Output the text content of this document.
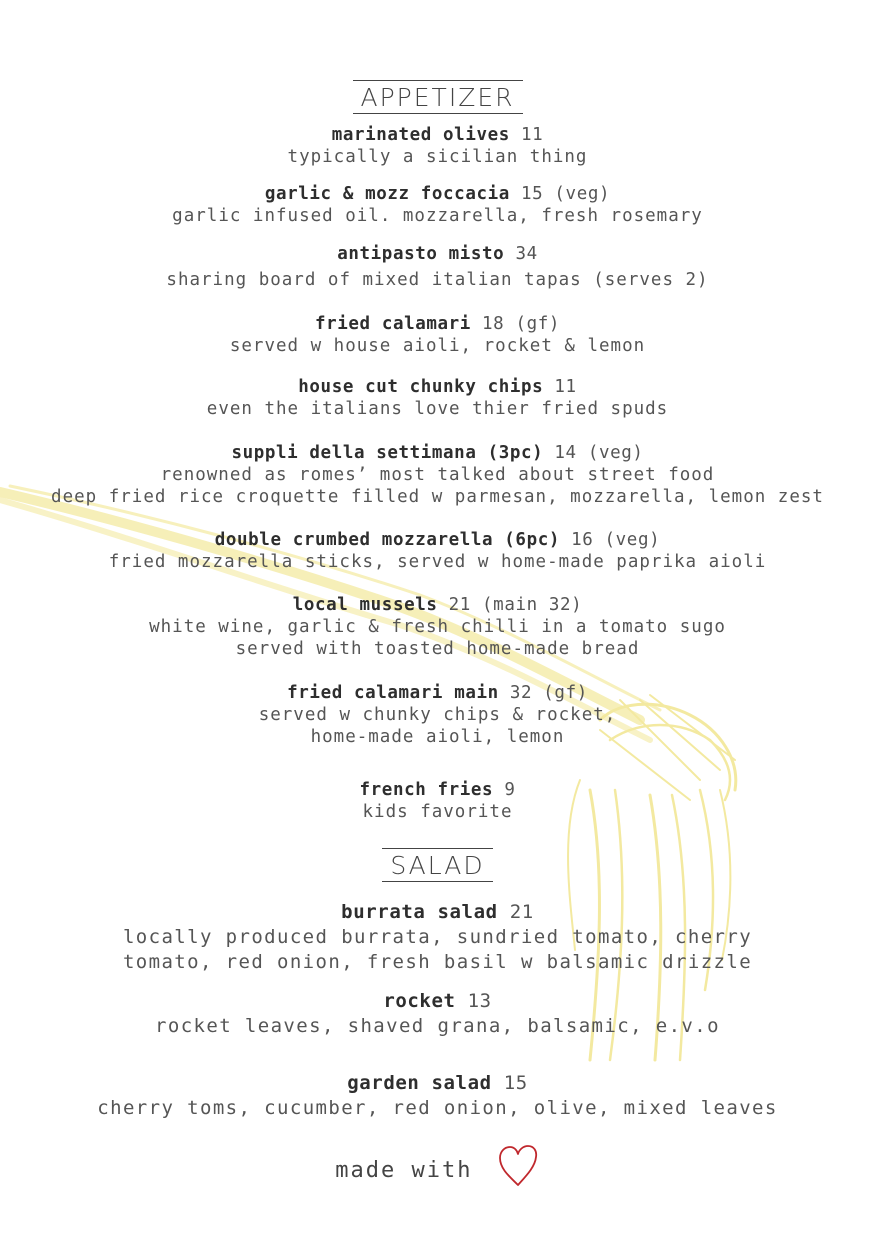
APPETIZER
marinated olives 11
typically a sicilian thing
garlic & mozz foccacia 15 (veg)
garlic infused oil. mozzarella, fresh rosemary
antipasto misto 34
sharing board of mixed italian tapas (serves 2)
fried calamari 18 (gf)
served w house aioli, rocket & lemon
house cut chunky chips 11
even the italians love thier fried spuds
suppli della settimana (3pc) 14 (veg)
renowned as romes’ most talked about street food
deep fried rice croquette filled w parmesan, mozzarella, lemon zest
double crumbed mozzarella (6pc) 16 (veg)
fried mozzarella sticks, served w home-made paprika aioli
local mussels 21 (main 32)
white wine, garlic & fresh chilli in a tomato sugo
served with toasted home-made bread
fried calamari main 32 (gf)
served w chunky chips & rocket,
home-made aioli, lemon
french fries 9
kids favorite
SALAD
burrata salad 21
locally produced burrata, sundried tomato, cherry
tomato, red onion, fresh basil w balsamic drizzle
rocket 13
rocket leaves, shaved grana, balsamic, e.v.o
garden salad 15
cherry toms, cucumber, red onion, olive, mixed leaves
made with
